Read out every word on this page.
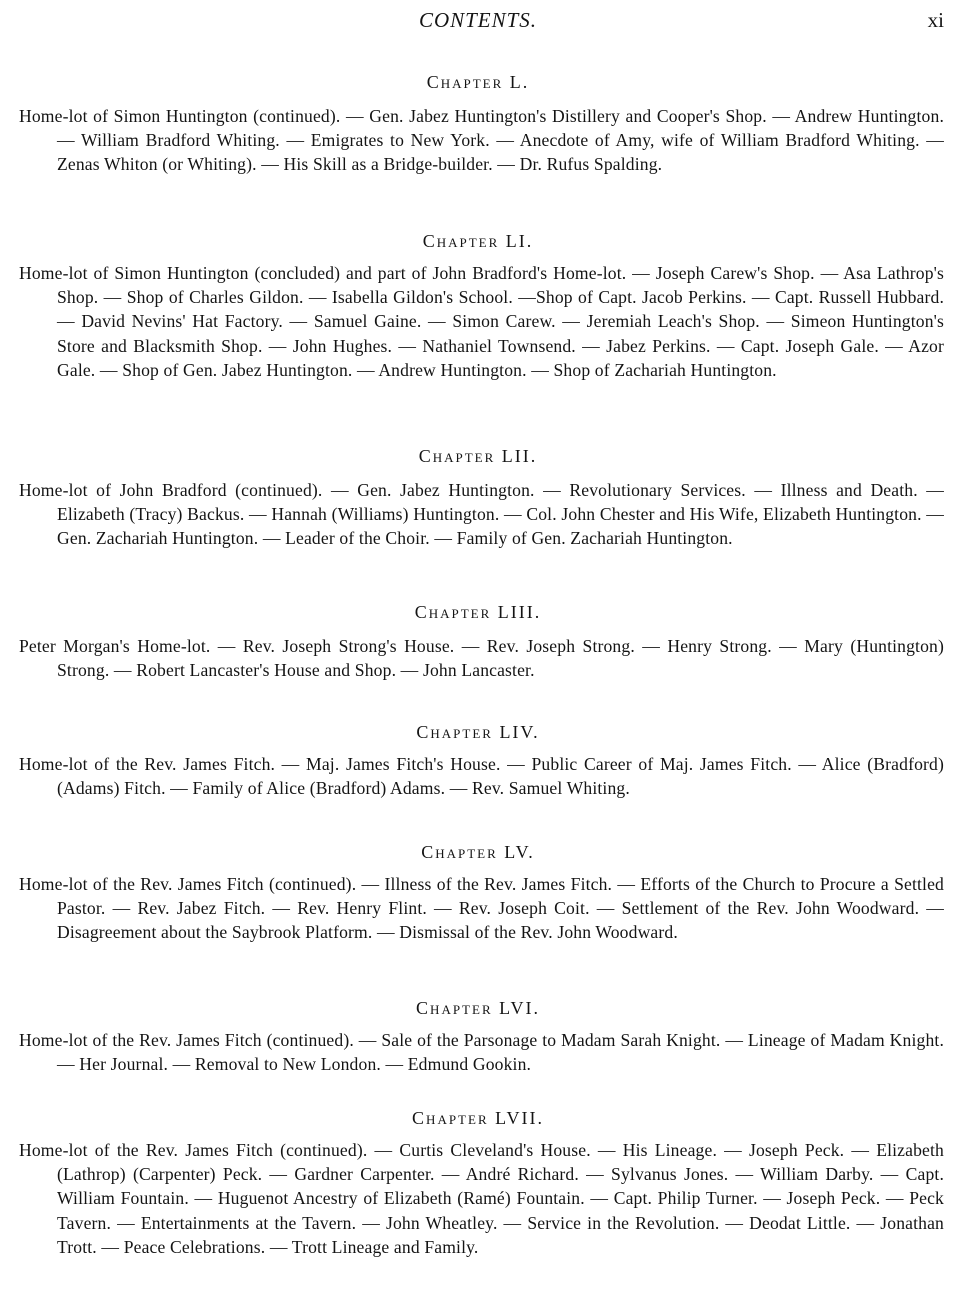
CONTENTS.	xi
Chapter L.

Home-lot of Simon Huntington (continued). — Gen. Jabez Huntington's Distillery and Cooper's Shop. — Andrew Huntington. — William Bradford Whiting. — Emigrates to New York. — Anecdote of Amy, wife of William Bradford Whiting. — Zenas Whiton (or Whiting). — His Skill as a Bridge-builder. — Dr. Rufus Spalding.

Chapter LI.

Home-lot of Simon Huntington (concluded) and part of John Bradford's Home-lot. — Joseph Carew's Shop. — Asa Lathrop's Shop. — Shop of Charles Gildon. — Isabella Gildon's School. —Shop of Capt. Jacob Perkins. — Capt. Russell Hubbard. — David Nevins' Hat Factory. — Samuel Gaine. — Simon Carew. — Jeremiah Leach's Shop. — Simeon Huntington's Store and Blacksmith Shop. — John Hughes. — Nathaniel Townsend. — Jabez Perkins. — Capt. Joseph Gale. — Azor Gale. — Shop of Gen. Jabez Huntington. — Andrew Huntington. — Shop of Zachariah Huntington.

Chapter LII.

Home-lot of John Bradford (continued). — Gen. Jabez Huntington. — Revolutionary Services. — Illness and Death. — Elizabeth (Tracy) Backus. — Hannah (Williams) Huntington. — Col. John Chester and His Wife, Elizabeth Huntington. — Gen. Zachariah Huntington. — Leader of the Choir. — Family of Gen. Zachariah Huntington.

Chapter LIII.

Peter Morgan's Home-lot. — Rev. Joseph Strong's House. — Rev. Joseph Strong. — Henry Strong. — Mary (Huntington) Strong. — Robert Lancaster's House and Shop. — John Lancaster.

Chapter LIV.

Home-lot of the Rev. James Fitch. — Maj. James Fitch's House. — Public Career of Maj. James Fitch. — Alice (Bradford) (Adams) Fitch. — Family of Alice (Bradford) Adams. — Rev. Samuel Whiting.

Chapter LV.

Home-lot of the Rev. James Fitch (continued). — Illness of the Rev. James Fitch. — Efforts of the Church to Procure a Settled Pastor. — Rev. Jabez Fitch. — Rev. Henry Flint. — Rev. Joseph Coit. — Settlement of the Rev. John Woodward. — Disagreement about the Saybrook Platform. — Dismissal of the Rev. John Woodward.

Chapter LVI.

Home-lot of the Rev. James Fitch (continued). — Sale of the Parsonage to Madam Sarah Knight. — Lineage of Madam Knight. — Her Journal. — Removal to New London. — Edmund Gookin.

Chapter LVII.

Home-lot of the Rev. James Fitch (continued). — Curtis Cleveland's House. — His Lineage. — Joseph Peck. — Elizabeth (Lathrop) (Carpenter) Peck. — Gardner Carpenter. — André Richard. — Sylvanus Jones. — William Darby. — Capt. William Fountain. — Huguenot Ancestry of Elizabeth (Ramé) Fountain. — Capt. Philip Turner. — Joseph Peck. — Peck Tavern. — Entertainments at the Tavern. — John Wheatley. — Service in the Revolution. — Deodat Little. — Jonathan Trott. — Peace Celebrations. — Trott Lineage and Family.
